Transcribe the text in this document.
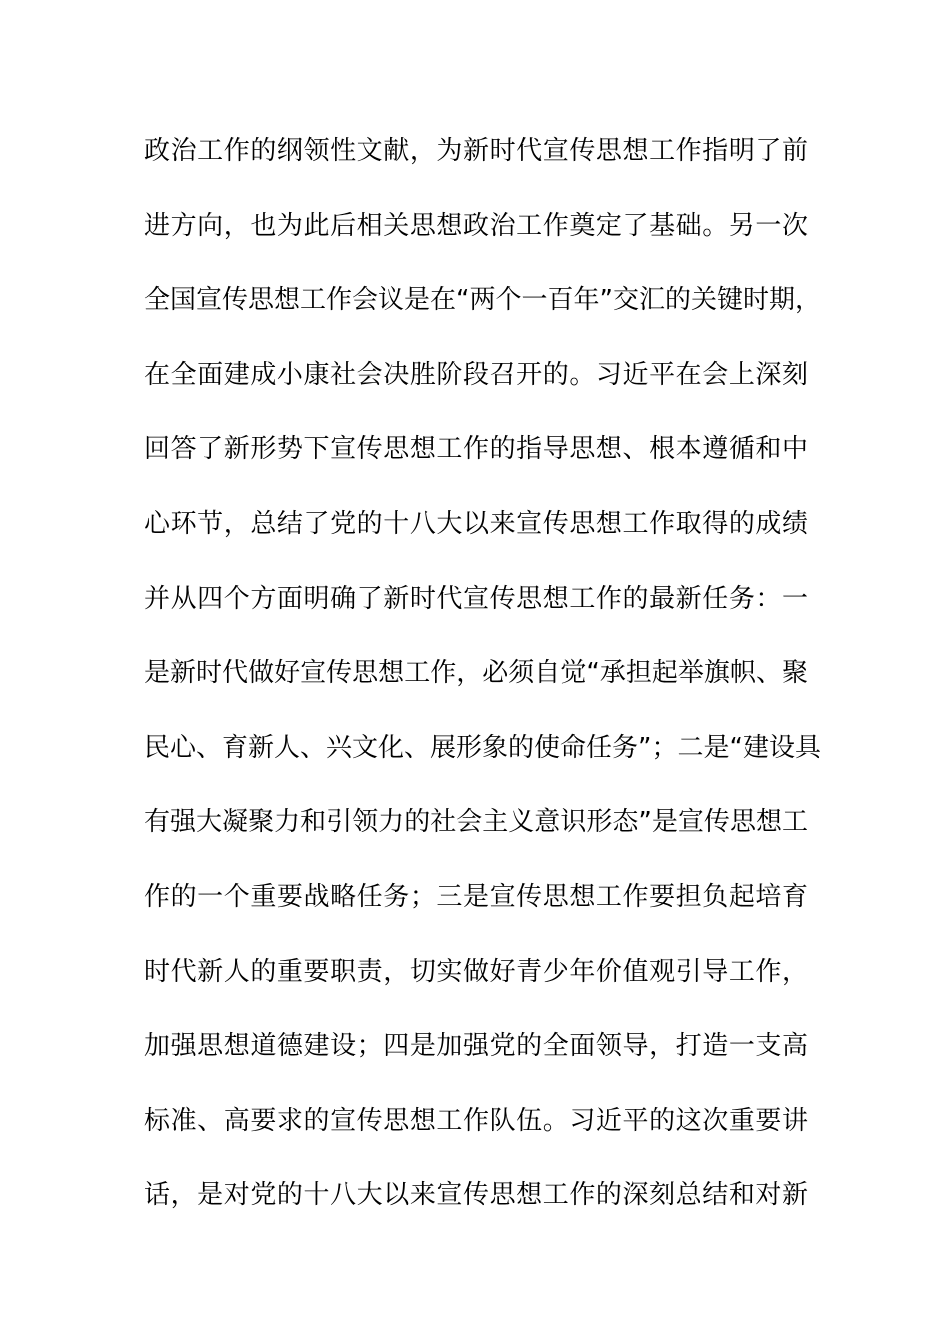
政治工作的纲领性文献，为新时代宣传思想工作指明了前
进方向，也为此后相关思想政治工作奠定了基础。另一次
全国宣传思想工作会议是在“两个一百年”交汇的关键时期，
在全面建成小康社会决胜阶段召开的。习近平在会上深刻
回答了新形势下宣传思想工作的指导思想、根本遵循和中
心环节，总结了党的十八大以来宣传思想工作取得的成绩
并从四个方面明确了新时代宣传思想工作的最新任务：一
是新时代做好宣传思想工作，必须自觉“承担起举旗帜、聚
民心、育新人、兴文化、展形象的使命任务”；二是“建设具
有强大凝聚力和引领力的社会主义意识形态”是宣传思想工
作的一个重要战略任务；三是宣传思想工作要担负起培育
时代新人的重要职责，切实做好青少年价值观引导工作，
加强思想道德建设；四是加强党的全面领导，打造一支高
标准、高要求的宣传思想工作队伍。习近平的这次重要讲
话，是对党的十八大以来宣传思想工作的深刻总结和对新
